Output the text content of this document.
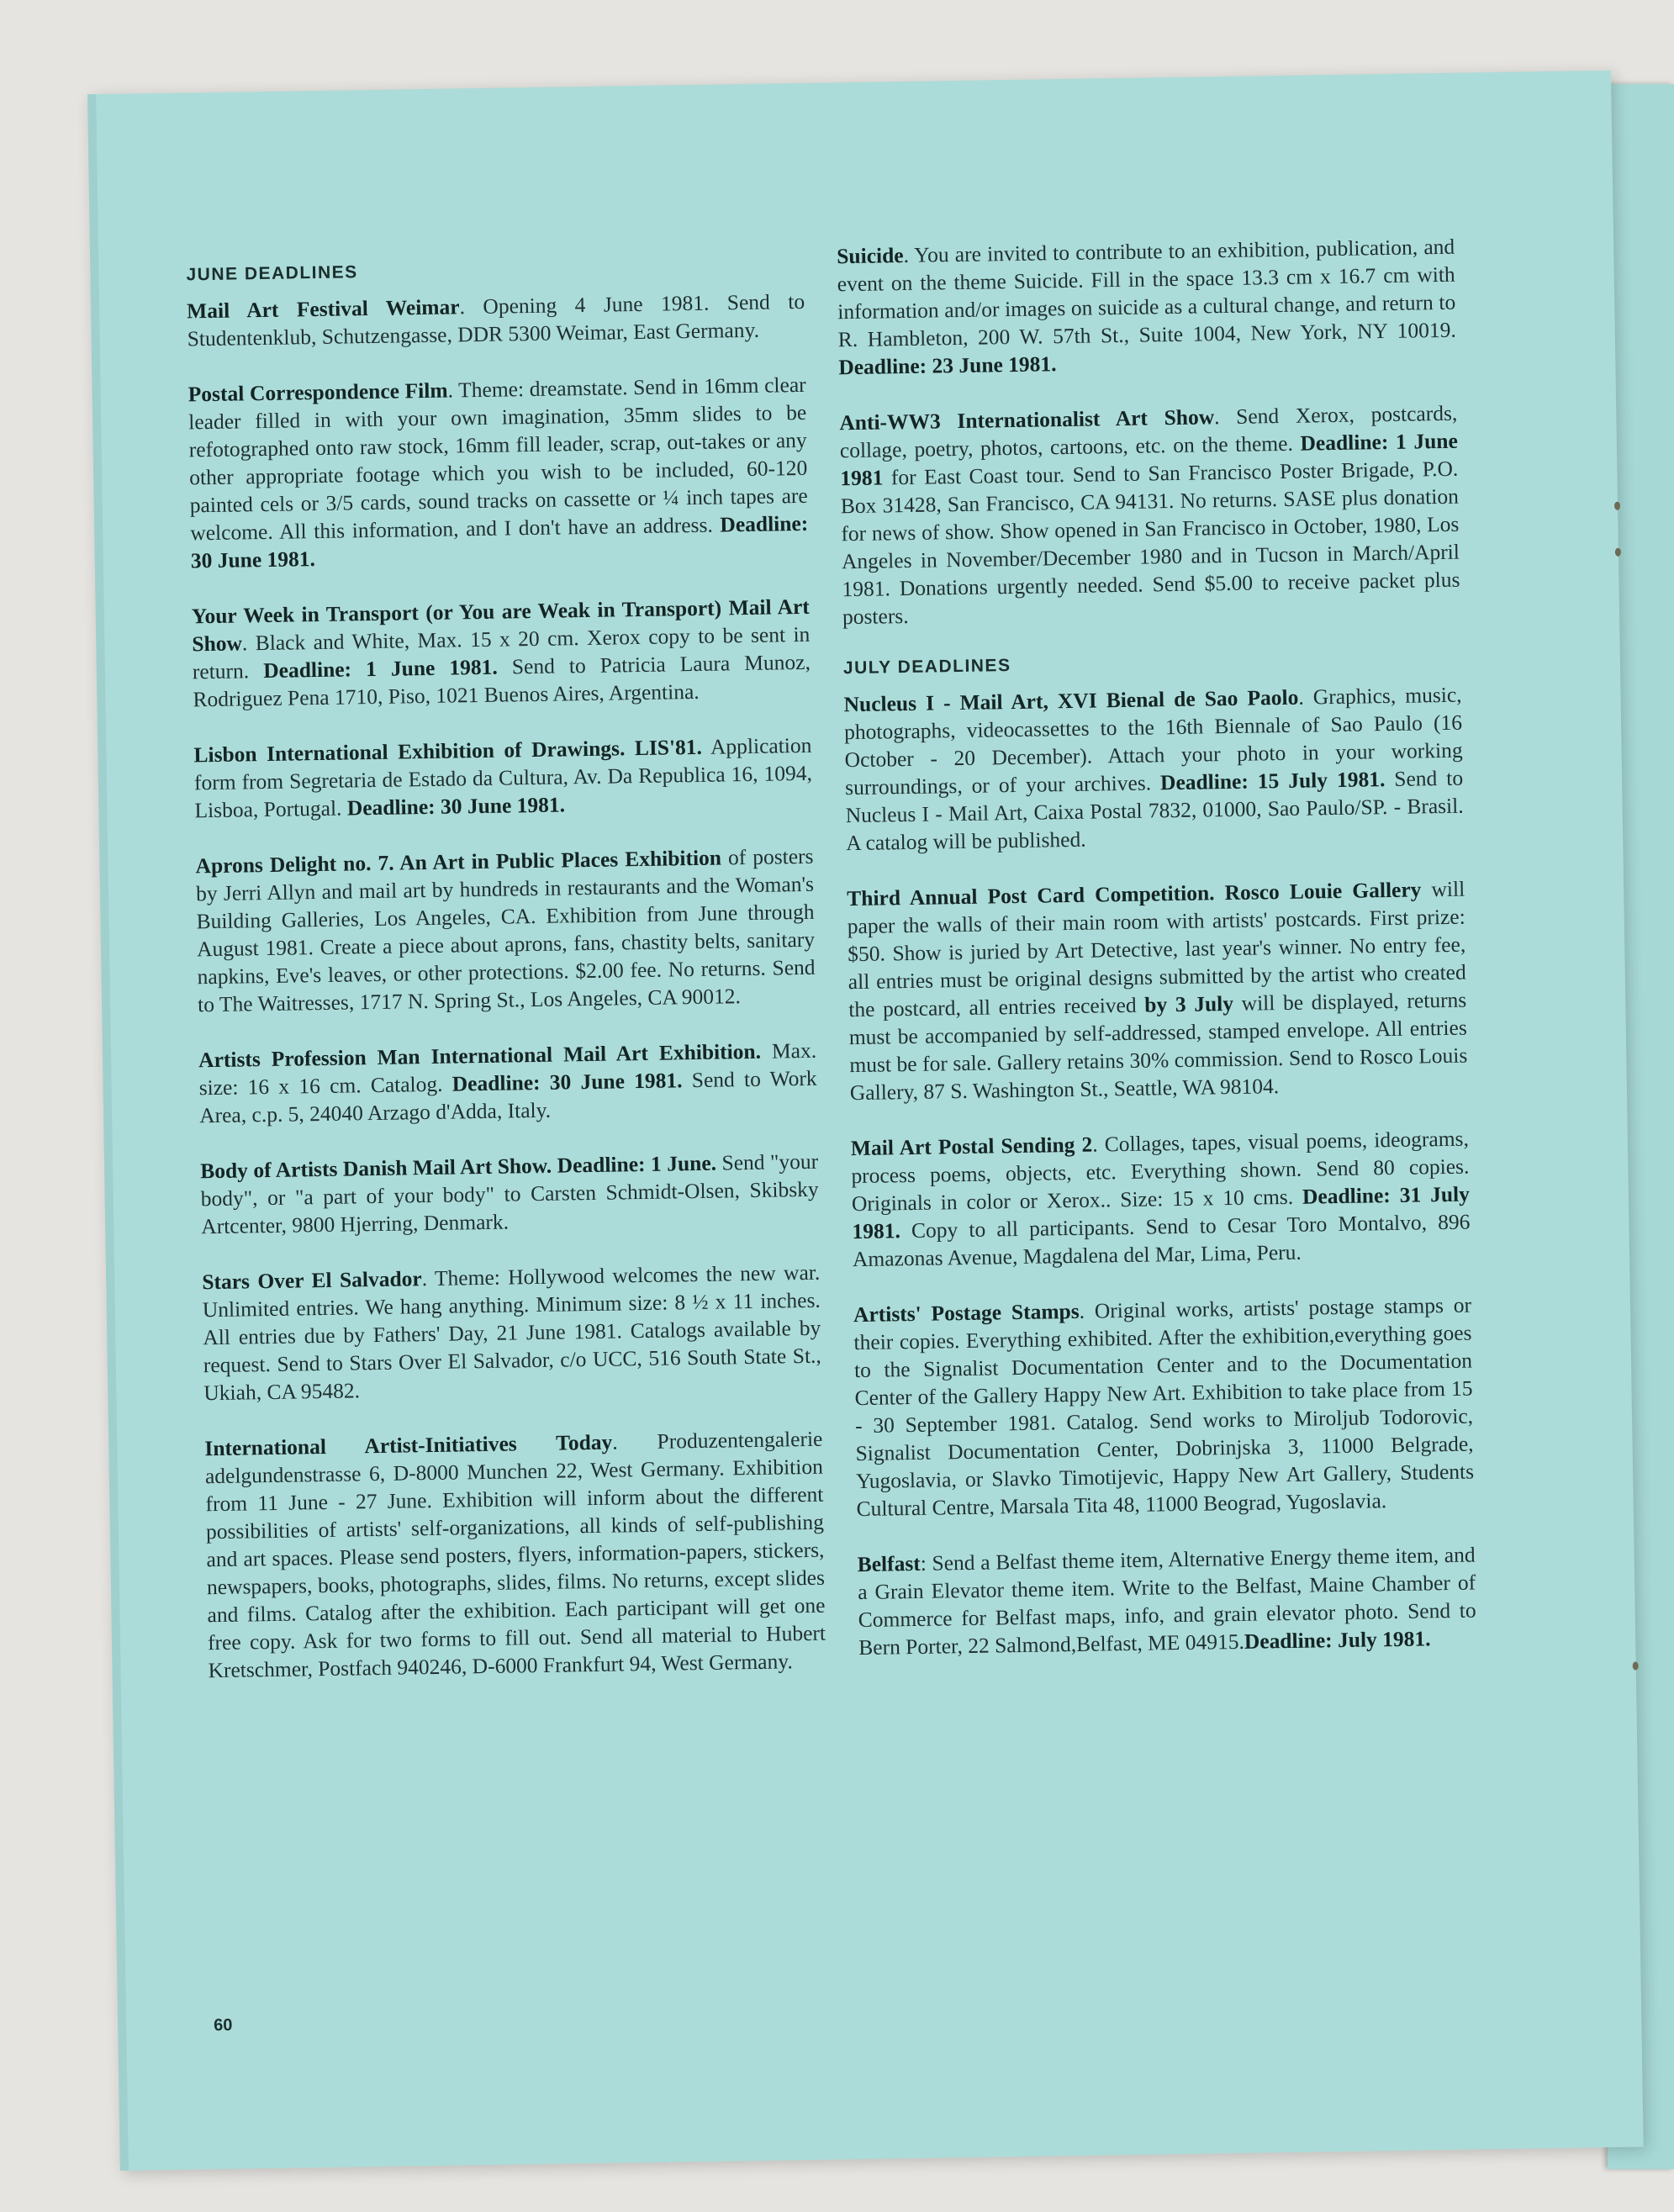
JUNE DEADLINES

Mail Art Festival Weimar. Opening 4 June 1981. Send to Studentenklub, Schutzengasse, DDR 5300 Weimar, East Germany.

Postal Correspondence Film. Theme: dreamstate. Send in 16mm clear leader filled in with your own imagination, 35mm slides to be refotographed onto raw stock, 16mm fill leader, scrap, out-takes or any other appropriate footage which you wish to be included, 60-120 painted cels or 3/5 cards, sound tracks on cassette or ¼ inch tapes are welcome. All this information, and I don't have an address. Deadline: 30 June 1981.

Your Week in Transport (or You are Weak in Transport) Mail Art Show. Black and White, Max. 15 x 20 cm. Xerox copy to be sent in return. Deadline: 1 June 1981. Send to Patricia Laura Munoz, Rodriguez Pena 1710, Piso, 1021 Buenos Aires, Argentina.

Lisbon International Exhibition of Drawings. LIS'81. Application form from Segretaria de Estado da Cultura, Av. Da Republica 16, 1094, Lisboa, Portugal. Deadline: 30 June 1981.

Aprons Delight no. 7. An Art in Public Places Exhibition of posters by Jerri Allyn and mail art by hundreds in restaurants and the Woman's Building Galleries, Los Angeles, CA. Exhibition from June through August 1981. Create a piece about aprons, fans, chastity belts, sanitary napkins, Eve's leaves, or other protections. $2.00 fee. No returns. Send to The Waitresses, 1717 N. Spring St., Los Angeles, CA 90012.

Artists Profession Man International Mail Art Exhibition. Max. size: 16 x 16 cm. Catalog. Deadline: 30 June 1981. Send to Work Area, c.p. 5, 24040 Arzago d'Adda, Italy.

Body of Artists Danish Mail Art Show. Deadline: 1 June. Send "your body", or "a part of your body" to Carsten Schmidt-Olsen, Skibsky Artcenter, 9800 Hjerring, Denmark.

Stars Over El Salvador. Theme: Hollywood welcomes the new war. Unlimited entries. We hang anything. Minimum size: 8 ½ x 11 inches. All entries due by Fathers' Day, 21 June 1981. Catalogs available by request. Send to Stars Over El Salvador, c/o UCC, 516 South State St., Ukiah, CA 95482.

International Artist-Initiatives Today. Produzentengalerie adelgundenstrasse 6, D-8000 Munchen 22, West Germany. Exhibition from 11 June - 27 June. Exhibition will inform about the different possibilities of artists' self-organizations, all kinds of self-publishing and art spaces. Please send posters, flyers, information-papers, stickers, newspapers, books, photographs, slides, films. No returns, except slides and films. Catalog after the exhibition. Each participant will get one free copy. Ask for two forms to fill out. Send all material to Hubert Kretschmer, Postfach 940246, D-6000 Frankfurt 94, West Germany.

Suicide. You are invited to contribute to an exhibition, publication, and event on the theme Suicide. Fill in the space 13.3 cm x 16.7 cm with information and/or images on suicide as a cultural change, and return to R. Hambleton, 200 W. 57th St., Suite 1004, New York, NY 10019. Deadline: 23 June 1981.

Anti-WW3 Internationalist Art Show. Send Xerox, postcards, collage, poetry, photos, cartoons, etc. on the theme. Deadline: 1 June 1981 for East Coast tour. Send to San Francisco Poster Brigade, P.O. Box 31428, San Francisco, CA 94131. No returns. SASE plus donation for news of show. Show opened in San Francisco in October, 1980, Los Angeles in November/December 1980 and in Tucson in March/April 1981. Donations urgently needed. Send $5.00 to receive packet plus posters.

JULY DEADLINES

Nucleus I - Mail Art, XVI Bienal de Sao Paolo. Graphics, music, photographs, videocassettes to the 16th Biennale of Sao Paulo (16 October - 20 December). Attach your photo in your working surroundings, or of your archives. Deadline: 15 July 1981. Send to Nucleus I - Mail Art, Caixa Postal 7832, 01000, Sao Paulo/SP. - Brasil. A catalog will be published.

Third Annual Post Card Competition. Rosco Louie Gallery will paper the walls of their main room with artists' postcards. First prize: $50. Show is juried by Art Detective, last year's winner. No entry fee, all entries must be original designs submitted by the artist who created the postcard, all entries received by 3 July will be displayed, returns must be accompanied by self-addressed, stamped envelope. All entries must be for sale. Gallery retains 30% commission. Send to Rosco Louis Gallery, 87 S. Washington St., Seattle, WA 98104.

Mail Art Postal Sending 2. Collages, tapes, visual poems, ideograms, process poems, objects, etc. Everything shown. Send 80 copies. Originals in color or Xerox.. Size: 15 x 10 cms. Deadline: 31 July 1981. Copy to all participants. Send to Cesar Toro Montalvo, 896 Amazonas Avenue, Magdalena del Mar, Lima, Peru.

Artists' Postage Stamps. Original works, artists' postage stamps or their copies. Everything exhibited. After the exhibition,everything goes to the Signalist Documentation Center and to the Documentation Center of the Gallery Happy New Art. Exhibition to take place from 15 - 30 September 1981. Catalog. Send works to Miroljub Todorovic, Signalist Documentation Center, Dobrinjska 3, 11000 Belgrade, Yugoslavia, or Slavko Timotijevic, Happy New Art Gallery, Students Cultural Centre, Marsala Tita 48, 11000 Beograd, Yugoslavia.

Belfast: Send a Belfast theme item, Alternative Energy theme item, and a Grain Elevator theme item. Write to the Belfast, Maine Chamber of Commerce for Belfast maps, info, and grain elevator photo. Send to Bern Porter, 22 Salmond,Belfast, ME 04915.Deadline: July 1981.

60
